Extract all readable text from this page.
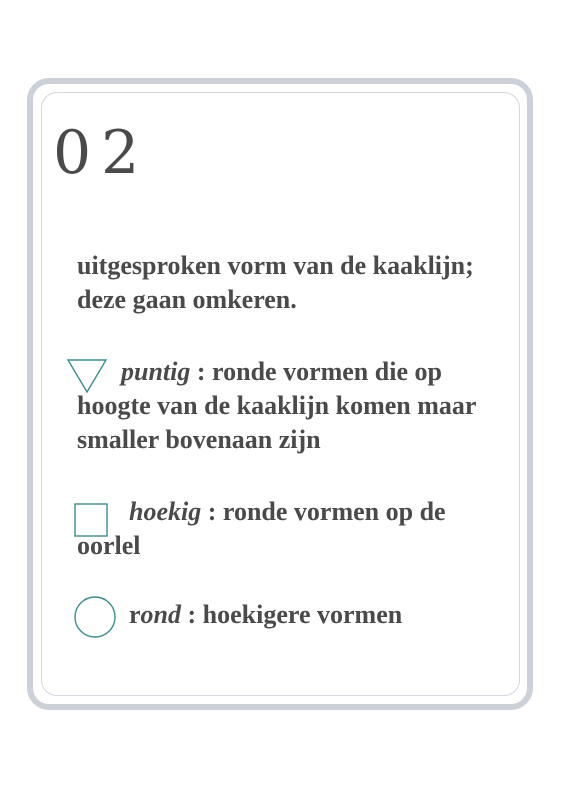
02

uitgesproken vorm van de kaaklijn; deze gaan omkeren.

puntig : ronde vormen die op hoogte van de kaaklijn komen maar smaller bovenaan zijn

hoekig : ronde vormen op de oorlel

rond : hoekigere vormen
